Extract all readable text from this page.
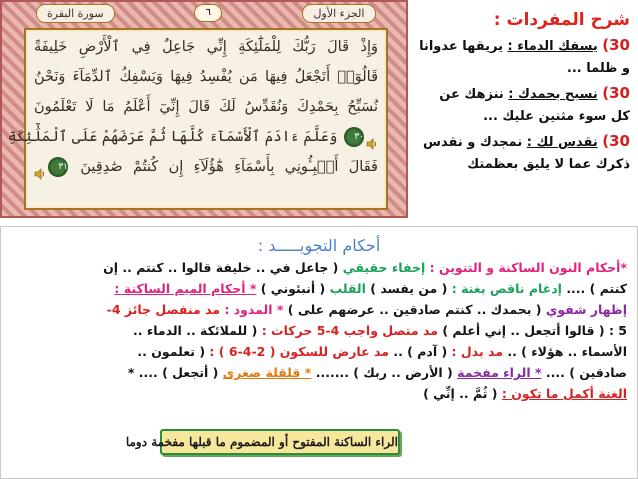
سورة البقرة	٦	الجزء الأول
وَإِذْ قَالَ رَبُّكَ لِلْمَلَٰٓئِكَةِ إِنِّي جَاعِلٌ فِي ٱلْأَرْضِ خَلِيفَةً
قَالُوٓا۟ أَتَجْعَلُ فِيهَا مَن يُفْسِدُ فِيهَا وَيَسْفِكُ ٱلدِّمَآءَ وَنَحْنُ
نُسَبِّحُ بِحَمْدِكَ وَنُقَدِّسُ لَكَ قَالَ إِنِّيٓ أَعْلَمُ مَا لَا تَعْلَمُونَ
٣٠ وَعَلَّمَ ءَادَمَ ٱلْأَسْمَآءَ كُلَّهَا ثُمَّ عَرَضَهُمْ عَلَى ٱلْمَلَٰٓئِكَةِ
فَقَالَ أَنۢبِـُٔونِي بِأَسْمَآءِ هَٰٓؤُلَآءِ إِن كُنتُمْ صَٰدِقِينَ ٣١
شرح المفردات :
30) يسفك الدماء : يريقها عدوانا و ظلما ...
30) نسبح بحمدك : ننزهك عن كل سوء مثنين عليك ...
30) نقدس لك : نمجدك و نقدس ذكرك عما لا يليق بعظمتك
أحكام التجويـــــد :
*أحكام النون الساكنة و التنوين : إخفاء حقيقي ( جاعل في .. خليفة قالوا .. كنتم .. إن
كنتم ) .... إدغام ناقص بغنة : ( من يفسد ) القلب ( أنبئوني ) * أحكام الميم الساكنة :
إظهار شفوي ( بحمدك .. كنتم صادقين .. عرضهم على ) * المدود : مد منفصل جائز 4-
5 : ( قالوا أتجعل .. إني أعلم ) مد متصل واجب 4-5 حركات : ( للملائكة .. الدماء ..
الأسماء .. هؤلاء ) .. مد بدل : ( آدم ) .. مد عارض للسكون ( 2-4-6 ) : ( تعلمون ..
صادقين ) .... * الراء مفخمة ( الأرض .. ربك ) ....... * قلقلة صغرى ( أتجعل ) .... *
الغنة أكمل ما تكون : ( ثُمَّ .. إنِّي )
الراء الساكنة المفتوح أو المضموم ما قبلها مفخمة دوما
